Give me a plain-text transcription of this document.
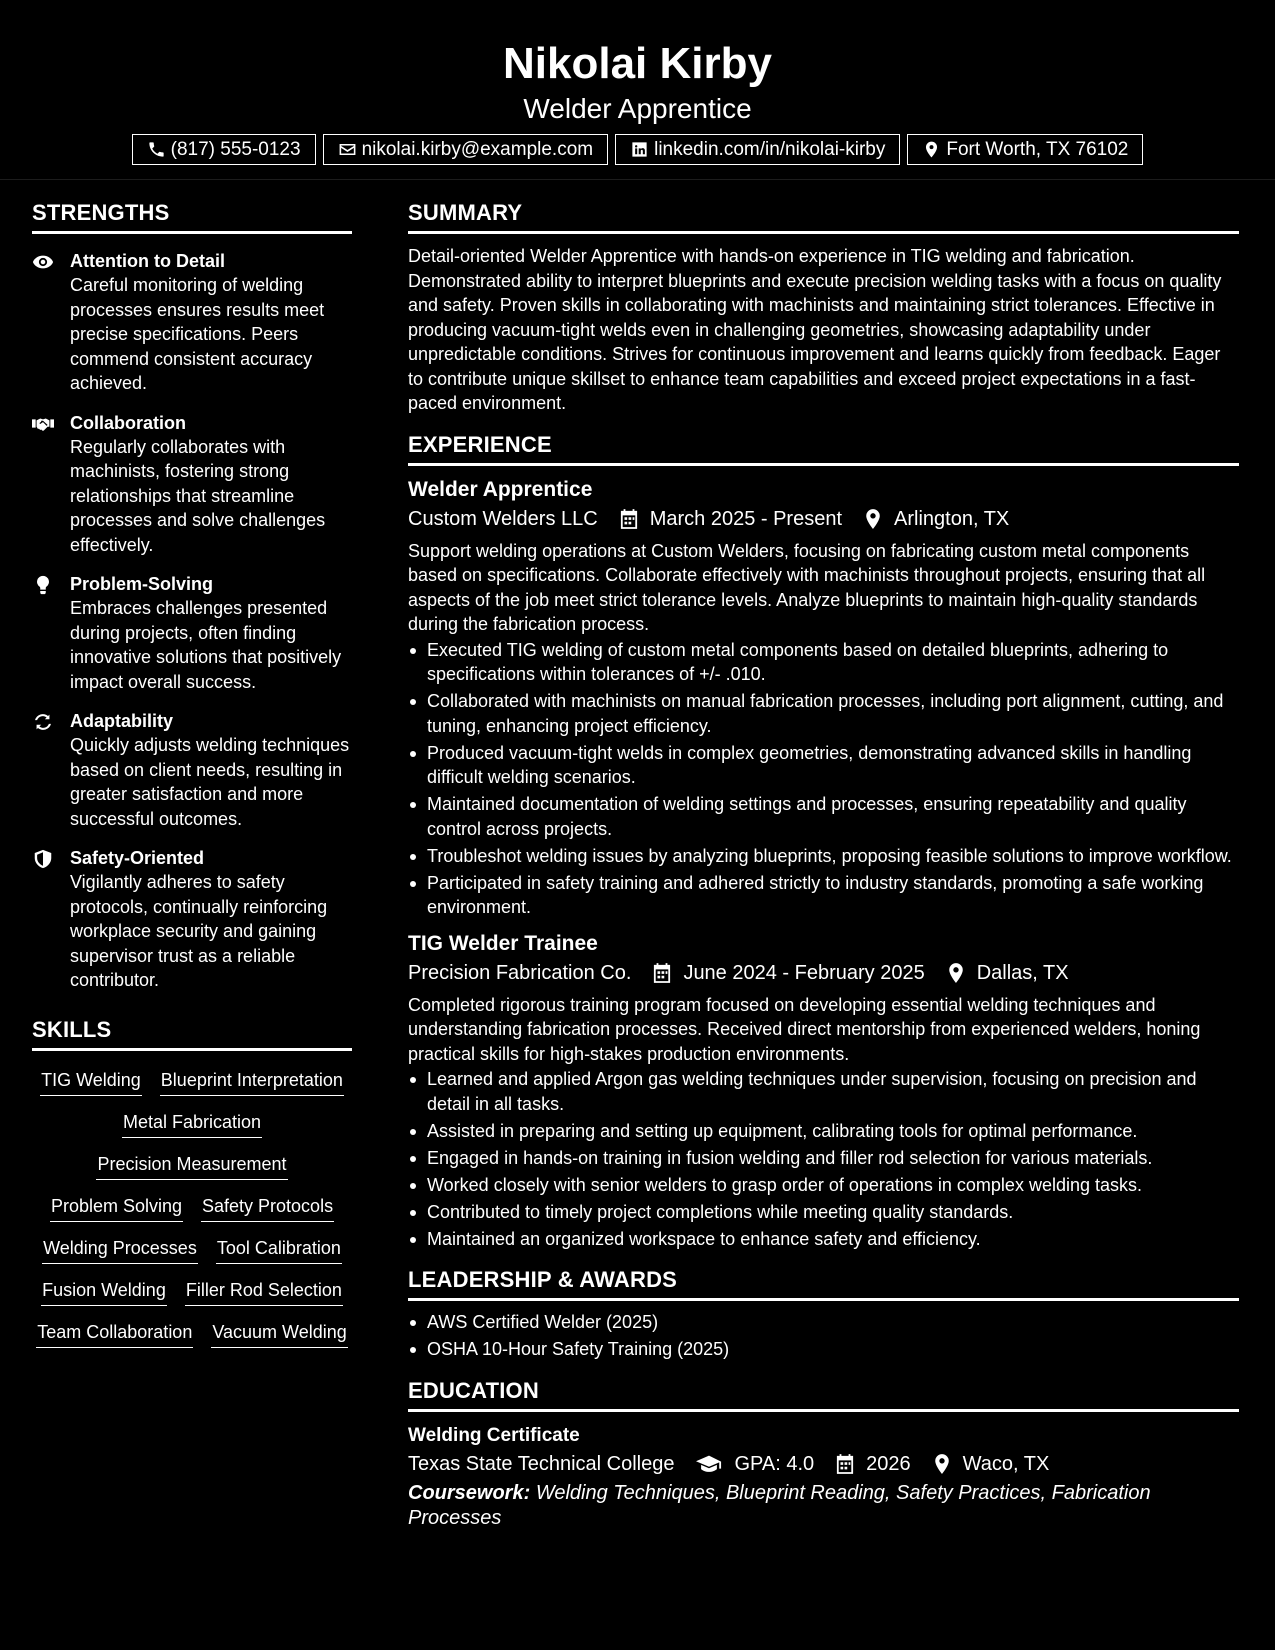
Nikolai Kirby
Welder Apprentice
(817) 555-0123	nikolai.kirby@example.com	linkedin.com/in/nikolai-kirby	Fort Worth, TX 76102
STRENGTHS
Attention to Detail
Careful monitoring of welding processes ensures results meet precise specifications. Peers commend consistent accuracy achieved.
Collaboration
Regularly collaborates with machinists, fostering strong relationships that streamline processes and solve challenges effectively.
Problem-Solving
Embraces challenges presented during projects, often finding innovative solutions that positively impact overall success.
Adaptability
Quickly adjusts welding techniques based on client needs, resulting in greater satisfaction and more successful outcomes.
Safety-Oriented
Vigilantly adheres to safety protocols, continually reinforcing workplace security and gaining supervisor trust as a reliable contributor.
SKILLS
TIG Welding Blueprint Interpretation
Metal Fabrication
Precision Measurement
Problem Solving Safety Protocols
Welding Processes Tool Calibration
Fusion Welding Filler Rod Selection
Team Collaboration Vacuum Welding
SUMMARY
Detail-oriented Welder Apprentice with hands-on experience in TIG welding and fabrication. Demonstrated ability to interpret blueprints and execute precision welding tasks with a focus on quality and safety. Proven skills in collaborating with machinists and maintaining strict tolerances. Effective in producing vacuum-tight welds even in challenging geometries, showcasing adaptability under unpredictable conditions. Strives for continuous improvement and learns quickly from feedback. Eager to contribute unique skillset to enhance team capabilities and exceed project expectations in a fast-paced environment.
EXPERIENCE
Welder Apprentice
Custom Welders LLC	March 2025 - Present	Arlington, TX
Support welding operations at Custom Welders, focusing on fabricating custom metal components based on specifications. Collaborate effectively with machinists throughout projects, ensuring that all aspects of the job meet strict tolerance levels. Analyze blueprints to maintain high-quality standards during the fabrication process.
Executed TIG welding of custom metal components based on detailed blueprints, adhering to specifications within tolerances of +/- .010.
Collaborated with machinists on manual fabrication processes, including port alignment, cutting, and tuning, enhancing project efficiency.
Produced vacuum-tight welds in complex geometries, demonstrating advanced skills in handling difficult welding scenarios.
Maintained documentation of welding settings and processes, ensuring repeatability and quality control across projects.
Troubleshot welding issues by analyzing blueprints, proposing feasible solutions to improve workflow.
Participated in safety training and adhered strictly to industry standards, promoting a safe working environment.
TIG Welder Trainee
Precision Fabrication Co.	June 2024 - February 2025	Dallas, TX
Completed rigorous training program focused on developing essential welding techniques and understanding fabrication processes. Received direct mentorship from experienced welders, honing practical skills for high-stakes production environments.
Learned and applied Argon gas welding techniques under supervision, focusing on precision and detail in all tasks.
Assisted in preparing and setting up equipment, calibrating tools for optimal performance.
Engaged in hands-on training in fusion welding and filler rod selection for various materials.
Worked closely with senior welders to grasp order of operations in complex welding tasks.
Contributed to timely project completions while meeting quality standards.
Maintained an organized workspace to enhance safety and efficiency.
LEADERSHIP & AWARDS
AWS Certified Welder (2025)
OSHA 10-Hour Safety Training (2025)
EDUCATION
Welding Certificate
Texas State Technical College	GPA: 4.0	2026	Waco, TX
Coursework: Welding Techniques, Blueprint Reading, Safety Practices, Fabrication Processes
